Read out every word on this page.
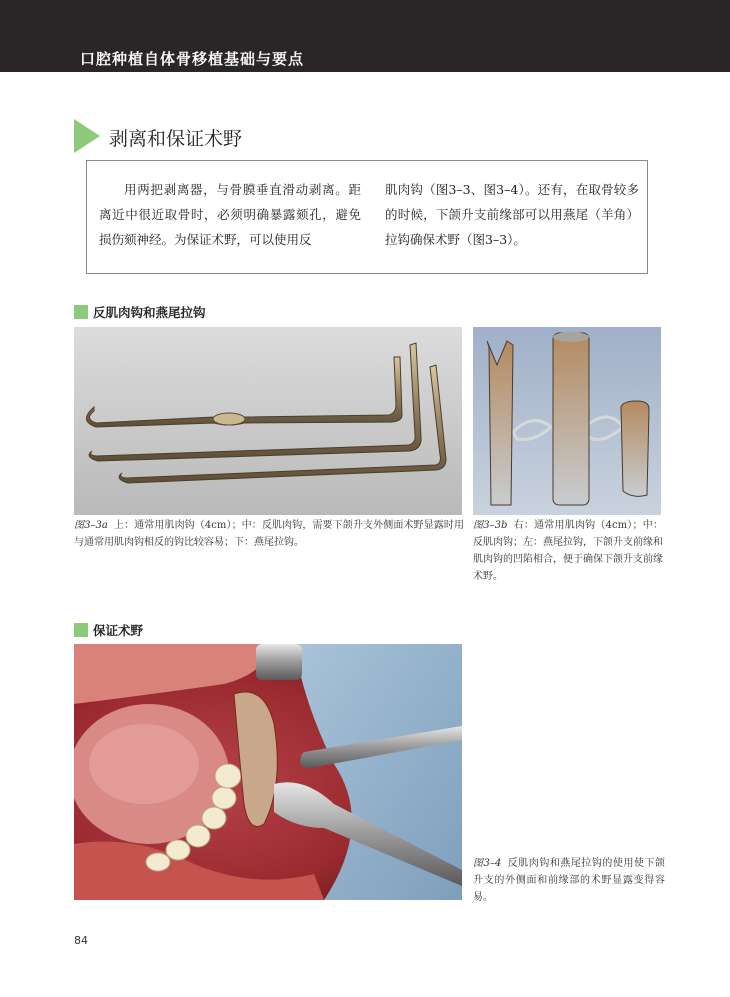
口腔种植自体骨移植基础与要点
剥离和保证术野
用两把剥离器，与骨膜垂直滑动剥离。距离近中很近取骨时，必须明确暴露颏孔，避免损伤颏神经。为保证术野，可以使用反
肌肉钩（图3–3、图3–4）。还有，在取骨较多的时候，下颌升支前缘部可以用燕尾（羊角）拉钩确保术野（图3–3）。
反肌肉钩和燕尾拉钩
图3–3a 上：通常用肌肉钩（4cm）；中：反肌肉钩，需要下颌升支外侧面术野显露时用与通常用肌肉钩相反的钩比较容易；下：燕尾拉钩。
图3–3b 右：通常用肌肉钩（4cm）；中：反肌肉钩；左：燕尾拉钩，下颌升支前缘和肌肉钩的凹陷相合，便于确保下颌升支前缘术野。
保证术野
图3–4 反肌肉钩和燕尾拉钩的使用使下颌升支的外侧面和前缘部的术野显露变得容易。
84
